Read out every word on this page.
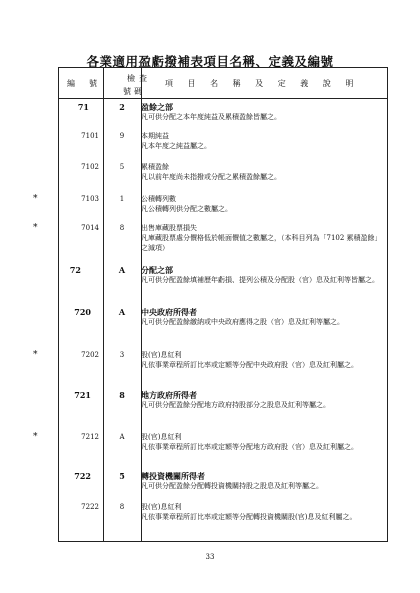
各業適用盈虧撥補表項目名稱、定義及編號
編號
檢查
號碼
項 目 名 稱 及 定 義 說 明
71	2	盈餘之部
凡可供分配之本年度純益及累積盈餘皆屬之。
7101	9	本期純益
凡本年度之純益屬之。
7102	5	累積盈餘
凡以前年度尚未指撥或分配之累積盈餘屬之。
*	7103	1	公積轉列數
凡公積轉列供分配之數屬之。
*	7014	8	出售庫藏股票損失
凡庫藏股票處分價格低於帳面價值之數屬之，（本科目列為「7102 累積盈餘」之減項）
72	A	分配之部
凡可供分配盈餘填補歷年虧損、提列公積及分配股（官）息及紅利等皆屬之。
720	A	中央政府所得者
凡可供分配盈餘繳納或中央政府應得之股（官）息及紅利等屬之。
*	7202	3	股(官)息紅利
凡依事業章程所訂比率或定額等分配中央政府股（官）息及紅利屬之。
721	8	地方政府所得者
凡可供分配盈餘分配地方政府持股部分之股息及紅利等屬之。
*	7212	A	股(官)息紅利
凡依事業章程所訂比率或定額等分配地方政府股（官）息及紅利屬之。
722	5	轉投資機關所得者
凡可供分配盈餘分配轉投資機關持股之股息及紅利等屬之。
7222	8	股(官)息紅利
凡依事業章程所訂比率或定額等分配轉投資機關股(官)息及紅利屬之。
33
